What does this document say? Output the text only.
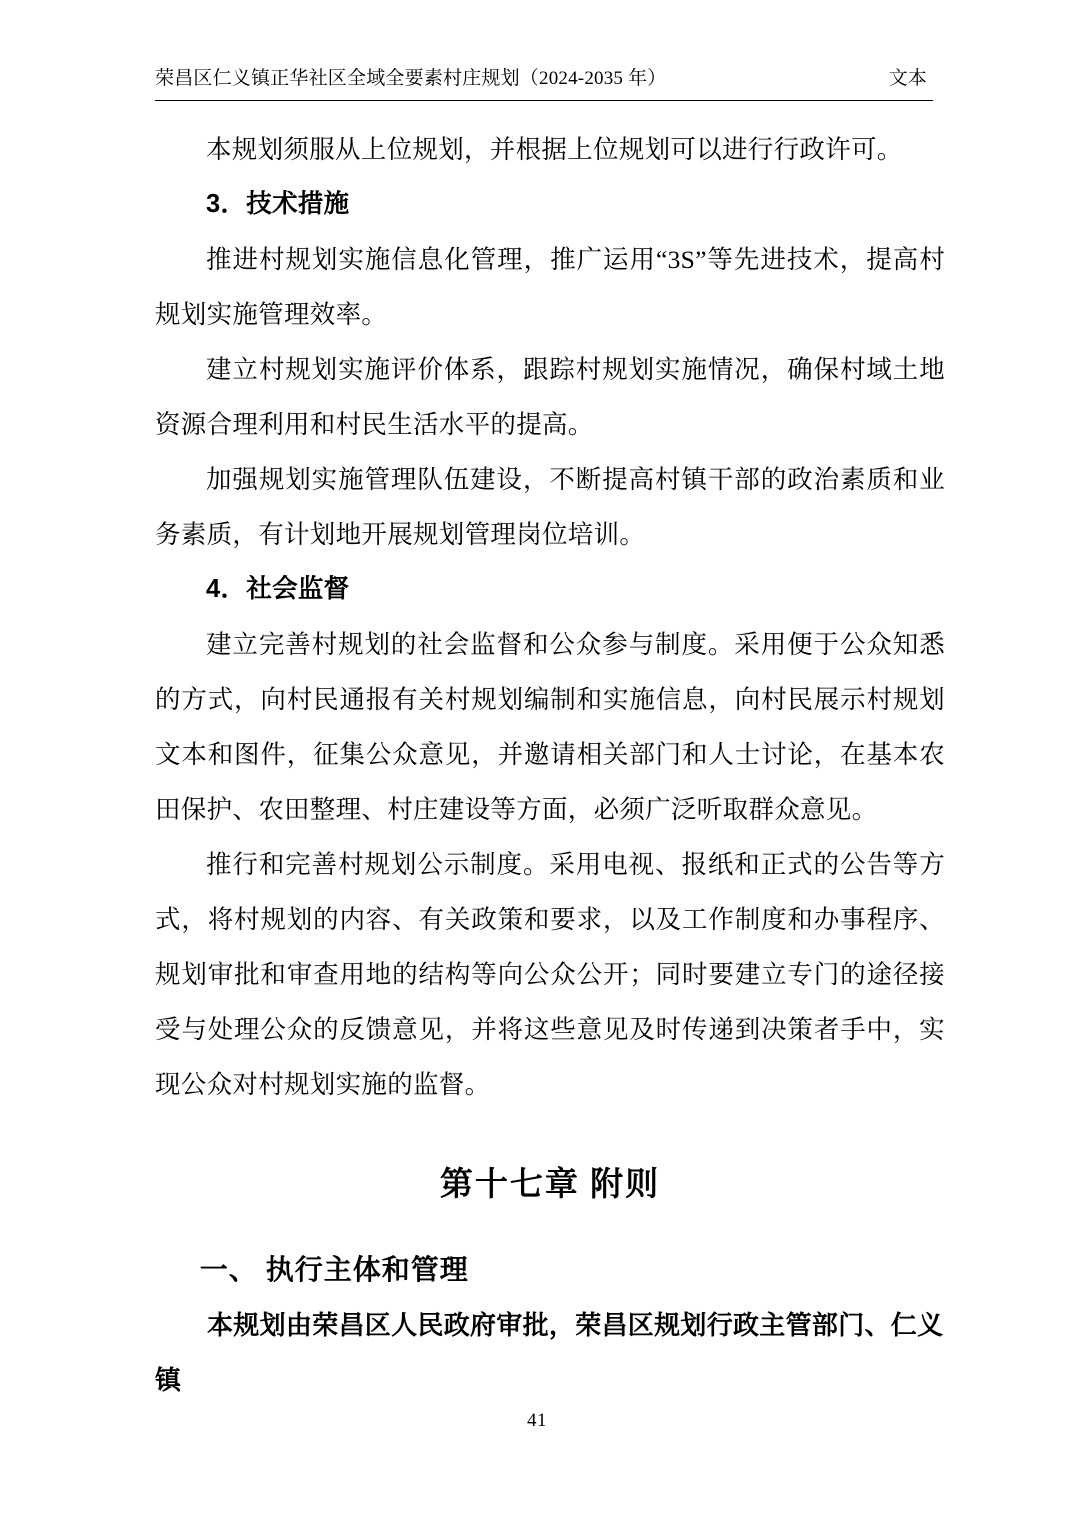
荣昌区仁义镇正华社区全域全要素村庄规划（2024-2035 年）	文本

本规划须服从上位规划，并根据上位规划可以进行行政许可。

3．技术措施

推进村规划实施信息化管理，推广运用“3S”等先进技术，提高村规划实施管理效率。

建立村规划实施评价体系，跟踪村规划实施情况，确保村域土地资源合理利用和村民生活水平的提高。

加强规划实施管理队伍建设，不断提高村镇干部的政治素质和业务素质，有计划地开展规划管理岗位培训。

4．社会监督

建立完善村规划的社会监督和公众参与制度。采用便于公众知悉的方式，向村民通报有关村规划编制和实施信息，向村民展示村规划文本和图件，征集公众意见，并邀请相关部门和人士讨论，在基本农田保护、农田整理、村庄建设等方面，必须广泛听取群众意见。

推行和完善村规划公示制度。采用电视、报纸和正式的公告等方式，将村规划的内容、有关政策和要求，以及工作制度和办事程序、规划审批和审查用地的结构等向公众公开；同时要建立专门的途径接受与处理公众的反馈意见，并将这些意见及时传递到决策者手中，实现公众对村规划实施的监督。

第十七章 附则
一、 执行主体和管理

本规划由荣昌区人民政府审批，荣昌区规划行政主管部门、仁义镇

41
